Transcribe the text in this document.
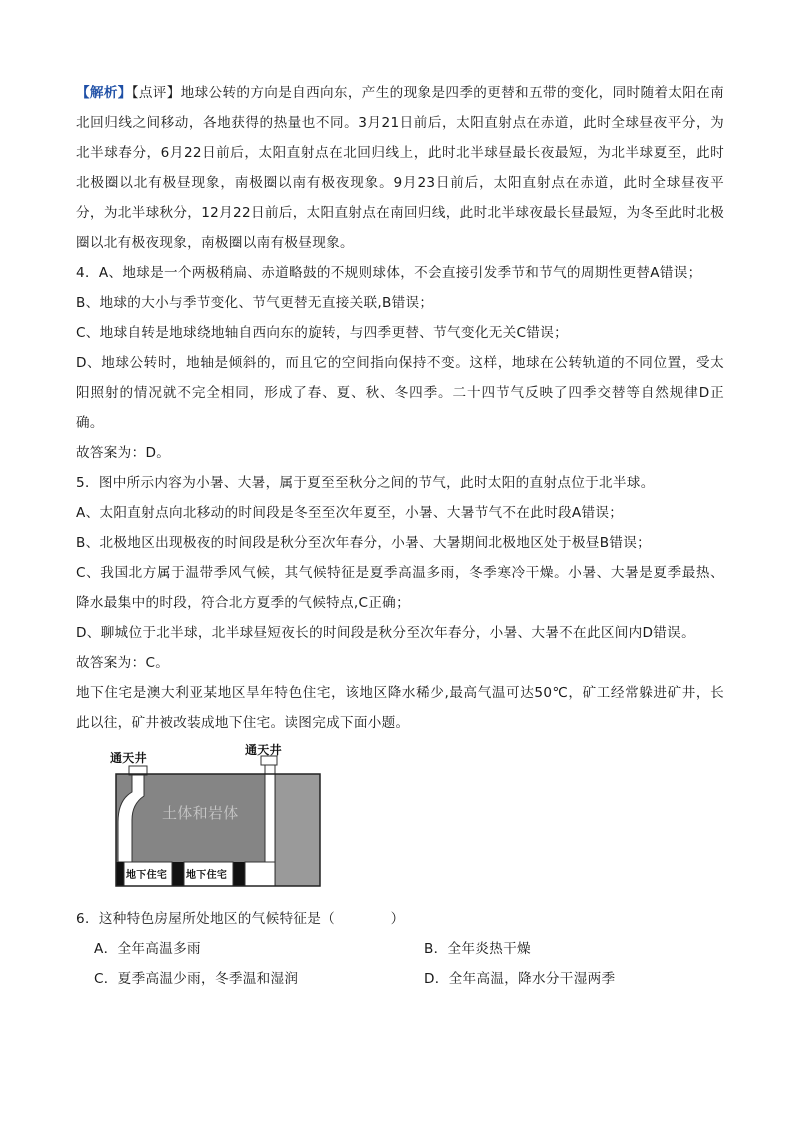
【解析】【点评】地球公转的方向是自西向东，产生的现象是四季的更替和五带的变化，同时随着太阳在南北回归线之间移动，各地获得的热量也不同。3月21日前后，太阳直射点在赤道，此时全球昼夜平分，为北半球春分，6月22日前后，太阳直射点在北回归线上，此时北半球昼最长夜最短，为北半球夏至，此时北极圈以北有极昼现象，南极圈以南有极夜现象。9月23日前后，太阳直射点在赤道，此时全球昼夜平分，为北半球秋分，12月22日前后，太阳直射点在南回归线，此时北半球夜最长昼最短，为冬至此时北极圈以北有极夜现象，南极圈以南有极昼现象。

4．A、地球是一个两极稍扁、赤道略鼓的不规则球体，不会直接引发季节和节气的周期性更替A错误；

B、地球的大小与季节变化、节气更替无直接关联,B错误；

C、地球自转是地球绕地轴自西向东的旋转，与四季更替、节气变化无关C错误；

D、地球公转时，地轴是倾斜的，而且它的空间指向保持不变。这样，地球在公转轨道的不同位置，受太阳照射的情况就不完全相同，形成了春、夏、秋、冬四季。二十四节气反映了四季交替等自然规律D正确。

故答案为：D。

5．图中所示内容为小暑、大暑，属于夏至至秋分之间的节气，此时太阳的直射点位于北半球。

A、太阳直射点向北移动的时间段是冬至至次年夏至，小暑、大暑节气不在此时段A错误；

B、北极地区出现极夜的时间段是秋分至次年春分，小暑、大暑期间北极地区处于极昼B错误；

C、我国北方属于温带季风气候，其气候特征是夏季高温多雨，冬季寒冷干燥。小暑、大暑是夏季最热、降水最集中的时段，符合北方夏季的气候特点,C正确；

D、聊城位于北半球，北半球昼短夜长的时间段是秋分至次年春分，小暑、大暑不在此区间内D错误。

故答案为：C。

地下住宅是澳大利亚某地区旱年特色住宅，该地区降水稀少,最高气温可达50℃，矿工经常躲进矿井，长此以往，矿井被改装成地下住宅。读图完成下面小题。

通天井
通天井
土体和岩体
地下住宅 地下住宅

6．这种特色房屋所处地区的气候特征是（　　　　）

A．全年高温多雨	B．全年炎热干燥

C．夏季高温少雨，冬季温和湿润	D．全年高温，降水分干湿两季
